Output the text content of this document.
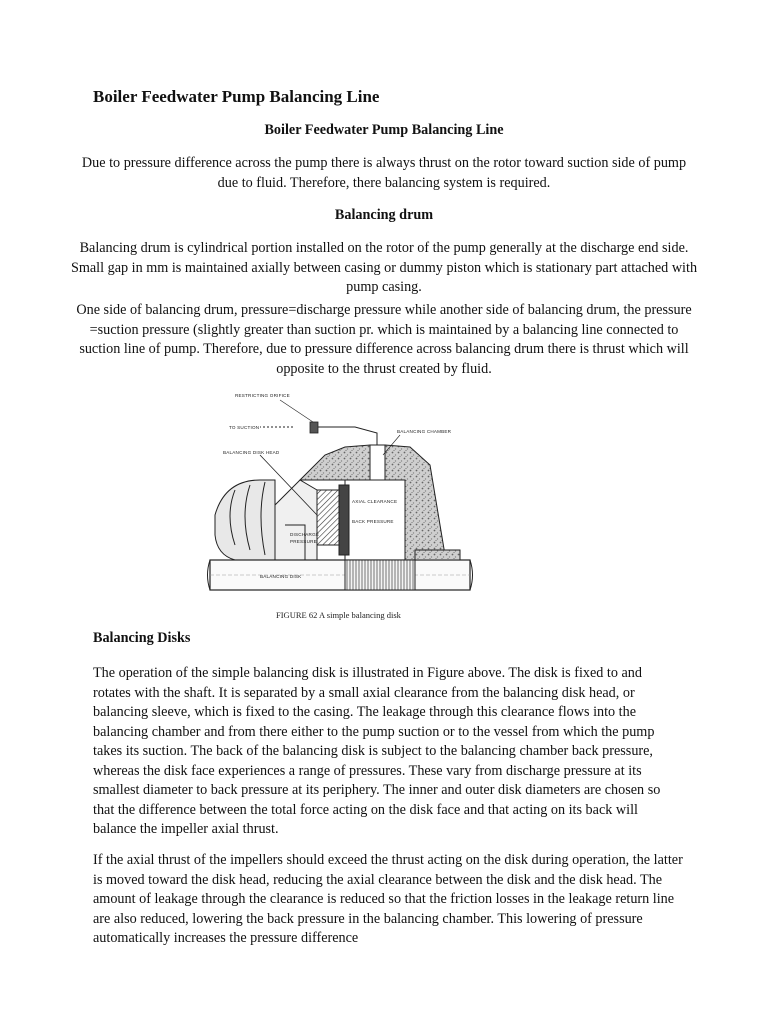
Boiler Feedwater Pump Balancing Line

Boiler Feedwater Pump Balancing Line

Due to pressure difference across the pump there is always thrust on the rotor toward suction side of pump due to fluid. Therefore, there balancing system is required.

Balancing drum

Balancing drum is cylindrical portion installed on the rotor of the pump generally at the discharge end side. Small gap in mm is maintained axially between casing or dummy piston which is stationary part attached with pump casing.

One side of balancing drum, pressure=discharge pressure while another side of balancing drum, the pressure =suction pressure (slightly greater than suction pr. which is maintained by a balancing line connected to suction line of pump. Therefore, due to pressure difference across balancing drum there is thrust which will opposite to the thrust created by fluid.

RESTRICTING ORIFICE
TO SUCTION
BALANCING CHAMBER
BALANCING DISK HEAD
AXIAL CLEARANCE
BACK PRESSURE
DISCHARGE
PRESSURE
BALANCING DISK

FIGURE 62 A simple balancing disk

Balancing Disks

The operation of the simple balancing disk is illustrated in Figure above. The disk is fixed to and rotates with the shaft. It is separated by a small axial clearance from the balancing disk head, or balancing sleeve, which is fixed to the casing. The leakage through this clearance flows into the balancing chamber and from there either to the pump suction or to the vessel from which the pump takes its suction. The back of the balancing disk is subject to the balancing chamber back pressure, whereas the disk face experiences a range of pressures. These vary from discharge pressure at its smallest diameter to back pressure at its periphery. The inner and outer disk diameters are chosen so that the difference between the total force acting on the disk face and that acting on its back will balance the impeller axial thrust.

If the axial thrust of the impellers should exceed the thrust acting on the disk during operation, the latter is moved toward the disk head, reducing the axial clearance between the disk and the disk head. The amount of leakage through the clearance is reduced so that the friction losses in the leakage return line are also reduced, lowering the back pressure in the balancing chamber. This lowering of pressure automatically increases the pressure difference
